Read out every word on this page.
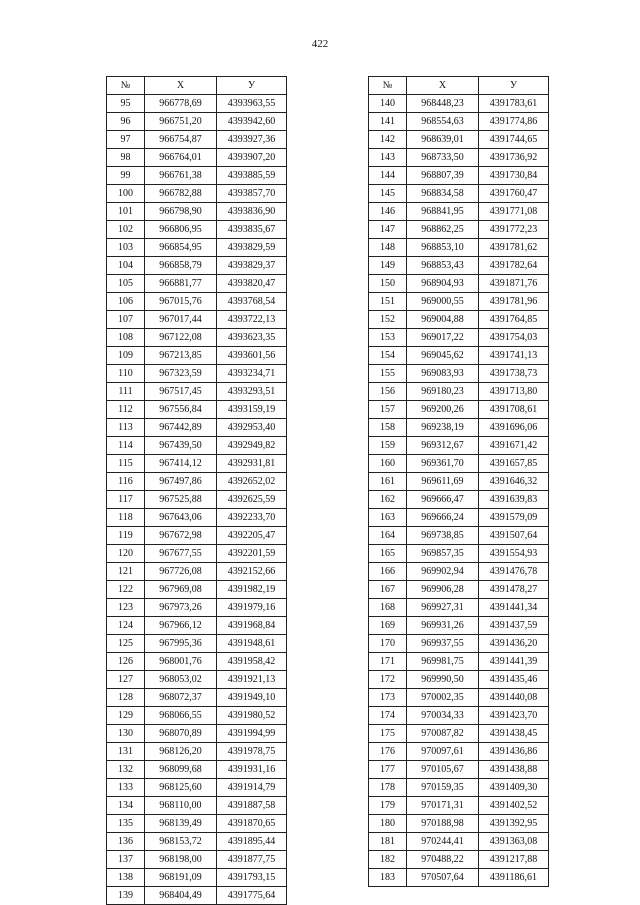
422
№	X	У
95	966778,69	4393963,55
96	966751,20	4393942,60
97	966754,87	4393927,36
98	966764,01	4393907,20
99	966761,38	4393885,59
100	966782,88	4393857,70
101	966798,90	4393836,90
102	966806,95	4393835,67
103	966854,95	4393829,59
104	966858,79	4393829,37
105	966881,77	4393820,47
106	967015,76	4393768,54
107	967017,44	4393722,13
108	967122,08	4393623,35
109	967213,85	4393601,56
110	967323,59	4393234,71
111	967517,45	4393293,51
112	967556,84	4393159,19
113	967442,89	4392953,40
114	967439,50	4392949,82
115	967414,12	4392931,81
116	967497,86	4392652,02
117	967525,88	4392625,59
118	967643,06	4392233,70
119	967672,98	4392205,47
120	967677,55	4392201,59
121	967726,08	4392152,66
122	967969,08	4391982,19
123	967973,26	4391979,16
124	967966,12	4391968,84
125	967995,36	4391948,61
126	968001,76	4391958,42
127	968053,02	4391921,13
128	968072,37	4391949,10
129	968066,55	4391980,52
130	968070,89	4391994,99
131	968126,20	4391978,75
132	968099,68	4391931,16
133	968125,60	4391914,79
134	968110,00	4391887,58
135	968139,49	4391870,65
136	968153,72	4391895,44
137	968198,00	4391877,75
138	968191,09	4391793,15
139	968404,49	4391775,64
№	X	У
140	968448,23	4391783,61
141	968554,63	4391774,86
142	968639,01	4391744,65
143	968733,50	4391736,92
144	968807,39	4391730,84
145	968834,58	4391760,47
146	968841,95	4391771,08
147	968862,25	4391772,23
148	968853,10	4391781,62
149	968853,43	4391782,64
150	968904,93	4391871,76
151	969000,55	4391781,96
152	969004,88	4391764,85
153	969017,22	4391754,03
154	969045,62	4391741,13
155	969083,93	4391738,73
156	969180,23	4391713,80
157	969200,26	4391708,61
158	969238,19	4391696,06
159	969312,67	4391671,42
160	969361,70	4391657,85
161	969611,69	4391646,32
162	969666,47	4391639,83
163	969666,24	4391579,09
164	969738,85	4391507,64
165	969857,35	4391554,93
166	969902,94	4391476,78
167	969906,28	4391478,27
168	969927,31	4391441,34
169	969931,26	4391437,59
170	969937,55	4391436,20
171	969981,75	4391441,39
172	969990,50	4391435,46
173	970002,35	4391440,08
174	970034,33	4391423,70
175	970087,82	4391438,45
176	970097,61	4391436,86
177	970105,67	4391438,88
178	970159,35	4391409,30
179	970171,31	4391402,52
180	970188,98	4391392,95
181	970244,41	4391363,08
182	970488,22	4391217,88
183	970507,64	4391186,61
